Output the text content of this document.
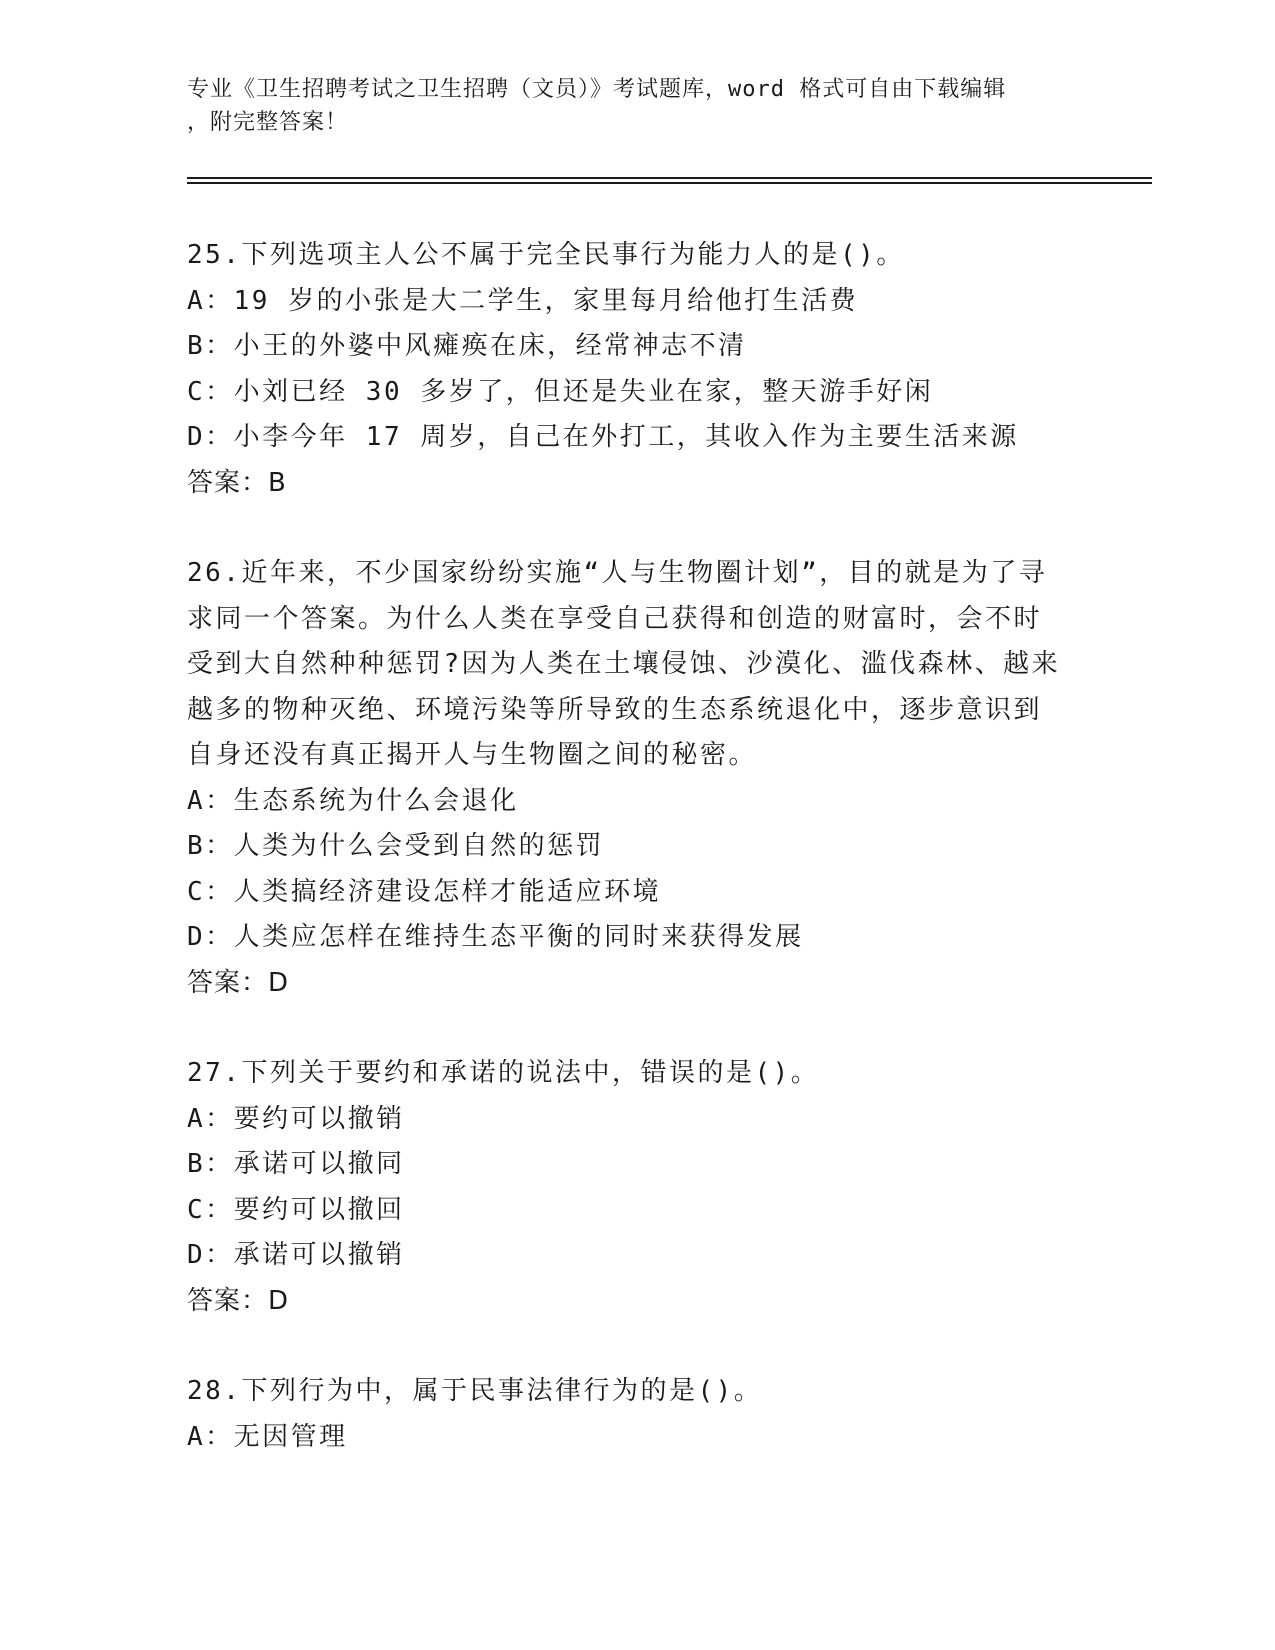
专业《卫生招聘考试之卫生招聘（文员）》考试题库，word 格式可自由下载编辑
，附完整答案！
25.下列选项主人公不属于完全民事行为能力人的是()。
A：19 岁的小张是大二学生，家里每月给他打生活费
B：小王的外婆中风瘫痪在床，经常神志不清
C：小刘已经 30 多岁了，但还是失业在家，整天游手好闲
D：小李今年 17 周岁，自己在外打工，其收入作为主要生活来源
答案：B
26.近年来，不少国家纷纷实施“人与生物圈计划”，目的就是为了寻
求同一个答案。为什么人类在享受自己获得和创造的财富时，会不时
受到大自然种种惩罚?因为人类在土壤侵蚀、沙漠化、滥伐森林、越来
越多的物种灭绝、环境污染等所导致的生态系统退化中，逐步意识到
自身还没有真正揭开人与生物圈之间的秘密。
A：生态系统为什么会退化
B：人类为什么会受到自然的惩罚
C：人类搞经济建设怎样才能适应环境
D：人类应怎样在维持生态平衡的同时来获得发展
答案：D
27.下列关于要约和承诺的说法中，错误的是()。
A：要约可以撤销
B：承诺可以撤同
C：要约可以撤回
D：承诺可以撤销
答案：D
28.下列行为中，属于民事法律行为的是()。
A：无因管理
